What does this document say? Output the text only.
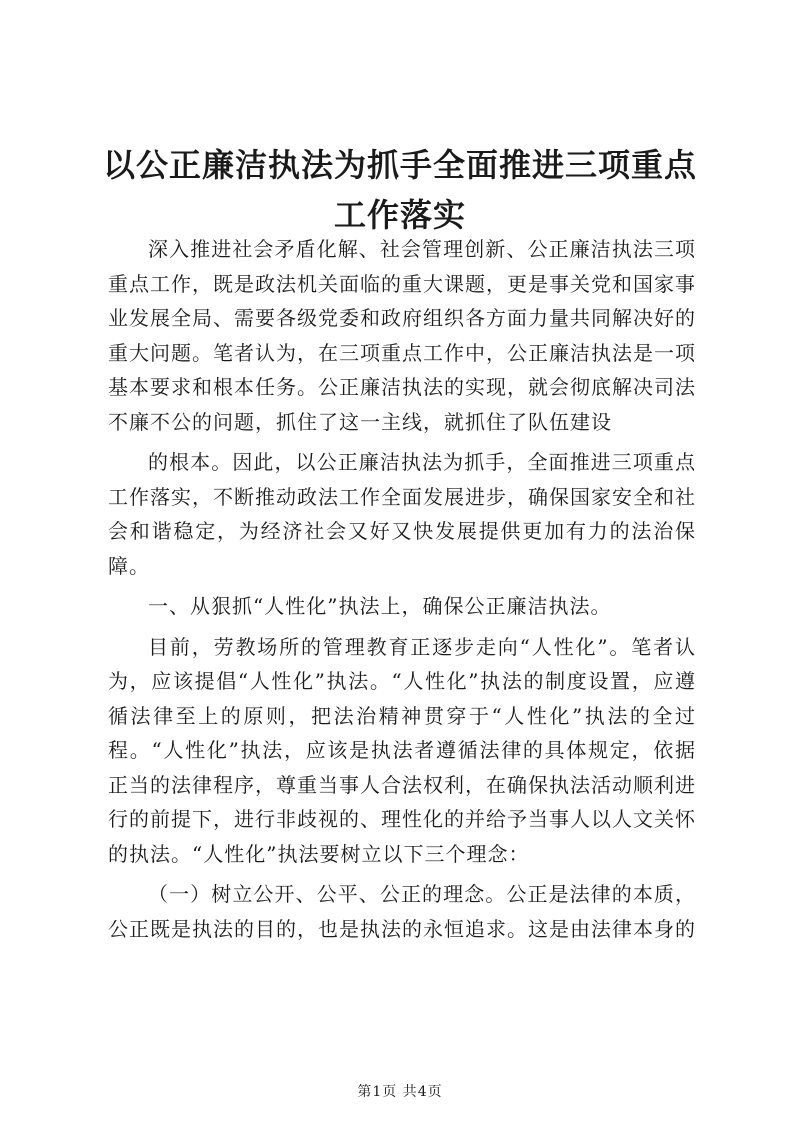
以公正廉洁执法为抓手全面推进三项重点工作落实

深入推进社会矛盾化解、社会管理创新、公正廉洁执法三项重点工作，既是政法机关面临的重大课题，更是事关党和国家事业发展全局、需要各级党委和政府组织各方面力量共同解决好的重大问题。笔者认为，在三项重点工作中，公正廉洁执法是一项基本要求和根本任务。公正廉洁执法的实现，就会彻底解决司法不廉不公的问题，抓住了这一主线，就抓住了队伍建设

的根本。因此，以公正廉洁执法为抓手，全面推进三项重点工作落实，不断推动政法工作全面发展进步，确保国家安全和社会和谐稳定，为经济社会又好又快发展提供更加有力的法治保障。

一、从狠抓“人性化”执法上，确保公正廉洁执法。

目前，劳教场所的管理教育正逐步走向“人性化”。笔者认为，应该提倡“人性化”执法。“人性化”执法的制度设置，应遵循法律至上的原则，把法治精神贯穿于“人性化”执法的全过程。“人性化”执法，应该是执法者遵循法律的具体规定，依据正当的法律程序，尊重当事人合法权利，在确保执法活动顺利进行的前提下，进行非歧视的、理性化的并给予当事人以人文关怀的执法。“人性化”执法要树立以下三个理念：

（一）树立公开、公平、公正的理念。公正是法律的本质，公正既是执法的目的，也是执法的永恒追求。这是由法律本身的

第1页 共4页
